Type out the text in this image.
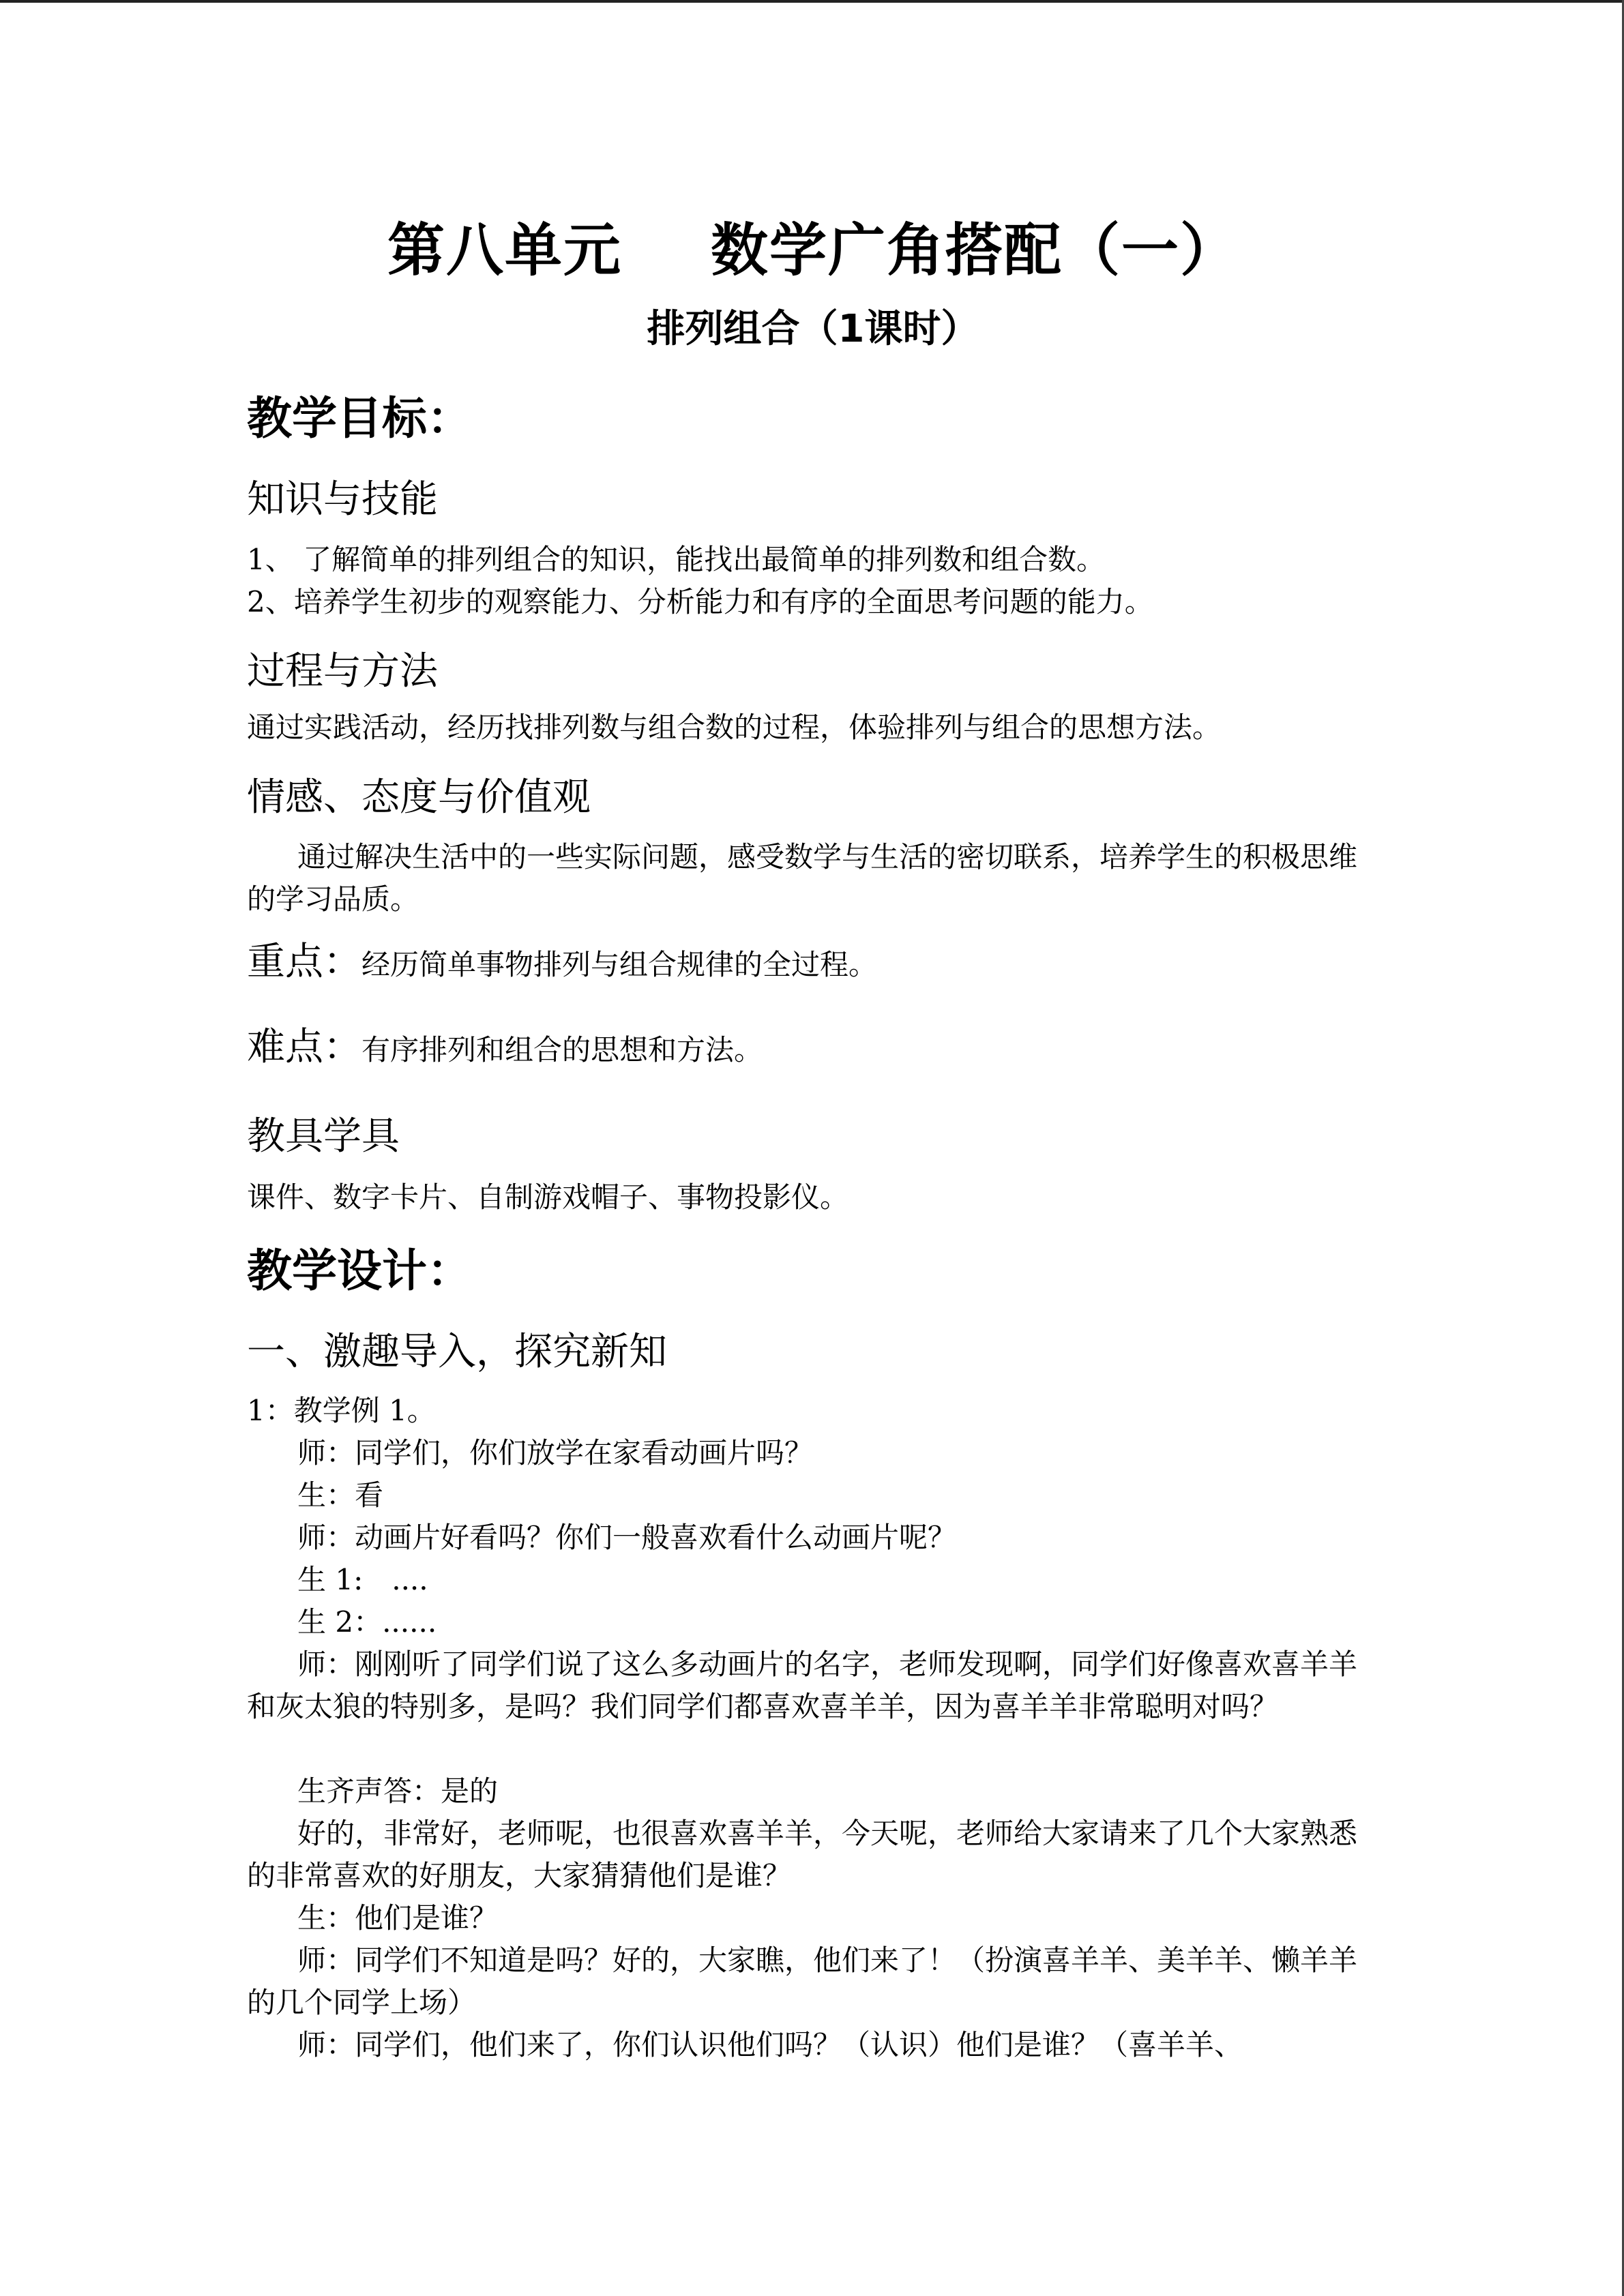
第八单元 数学广角搭配（一）
排列组合（1课时）
教学目标：
知识与技能
1、 了解简单的排列组合的知识，能找出最简单的排列数和组合数。
2、培养学生初步的观察能力、分析能力和有序的全面思考问题的能力。
过程与方法
通过实践活动，经历找排列数与组合数的过程，体验排列与组合的思想方法。
情感、态度与价值观
通过解决生活中的一些实际问题，感受数学与生活的密切联系，培养学生的积极思维的学习品质。
重点：经历简单事物排列与组合规律的全过程。
难点：有序排列和组合的思想和方法。
教具学具
课件、数字卡片、自制游戏帽子、事物投影仪。
教学设计：
一、激趣导入，探究新知
1：教学例 1。
师：同学们，你们放学在家看动画片吗？
生：看
师：动画片好看吗？你们一般喜欢看什么动画片呢？
生 1:　....
生 2：......
师：刚刚听了同学们说了这么多动画片的名字，老师发现啊，同学们好像喜欢喜羊羊和灰太狼的特别多，是吗？我们同学们都喜欢喜羊羊，因为喜羊羊非常聪明对吗？
生齐声答：是的
好的，非常好，老师呢，也很喜欢喜羊羊，今天呢，老师给大家请来了几个大家熟悉的非常喜欢的好朋友，大家猜猜他们是谁？
生：他们是谁？
师：同学们不知道是吗？好的，大家瞧，他们来了！（扮演喜羊羊、美羊羊、懒羊羊的几个同学上场）
师：同学们，他们来了，你们认识他们吗？（认识）他们是谁？（喜羊羊、
